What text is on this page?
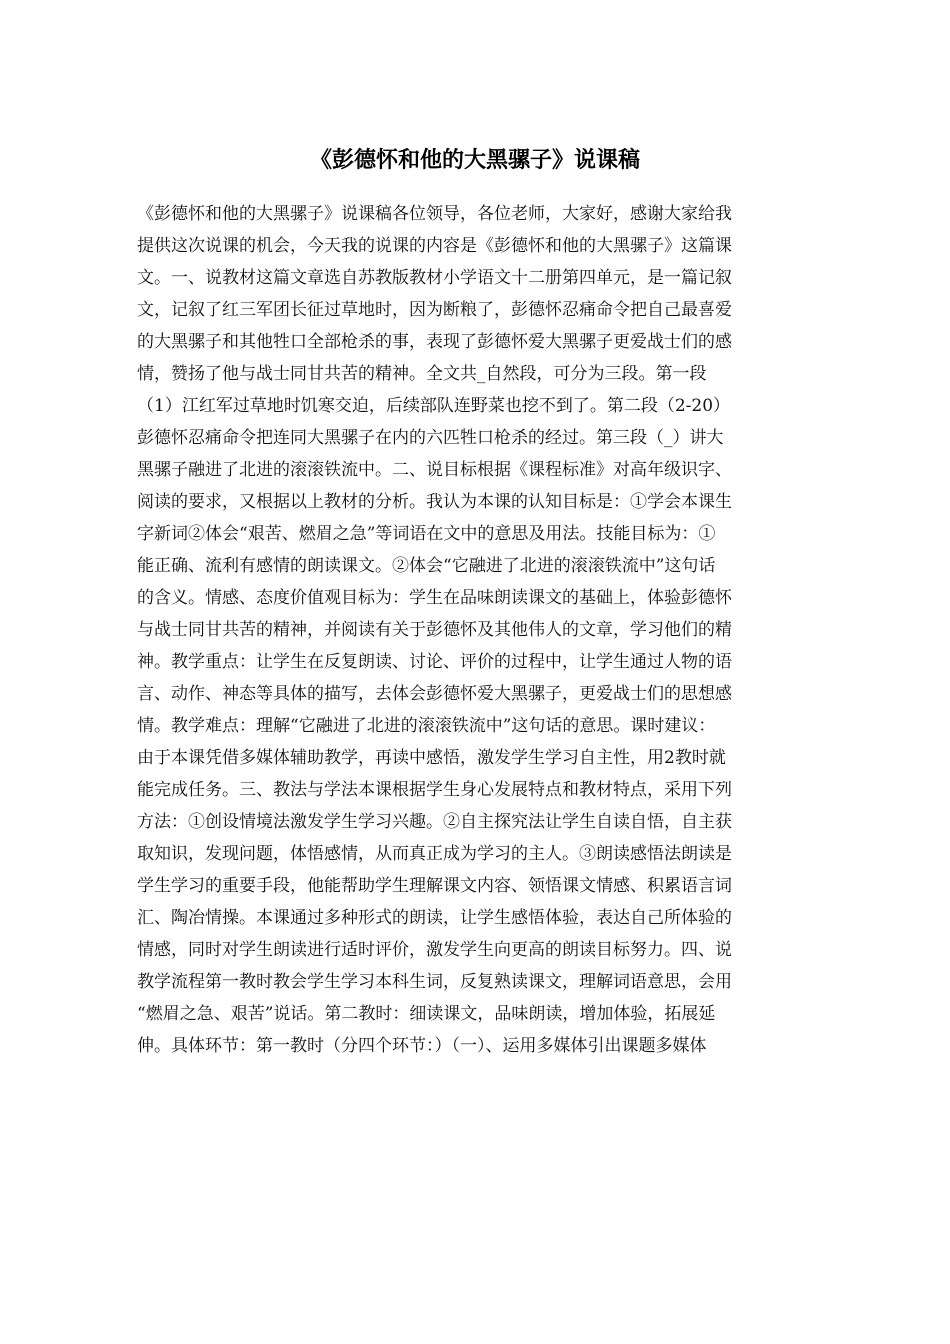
《彭德怀和他的大黑骡子》说课稿
《彭德怀和他的大黑骡子》说课稿各位领导，各位老师，大家好，感谢大家给我
提供这次说课的机会，今天我的说课的内容是《彭德怀和他的大黑骡子》这篇课
文。一、说教材这篇文章选自苏教版教材小学语文十二册第四单元，是一篇记叙
文，记叙了红三军团长征过草地时，因为断粮了，彭德怀忍痛命令把自己最喜爱
的大黑骡子和其他牲口全部枪杀的事，表现了彭德怀爱大黑骡子更爱战士们的感
情，赞扬了他与战士同甘共苦的精神。全文共_自然段，可分为三段。第一段
（1）江红军过草地时饥寒交迫，后续部队连野菜也挖不到了。第二段（2-20）
彭德怀忍痛命令把连同大黑骡子在内的六匹牲口枪杀的经过。第三段（_）讲大
黑骡子融进了北进的滚滚铁流中。二、说目标根据《课程标准》对高年级识字、
阅读的要求，又根据以上教材的分析。我认为本课的认知目标是：①学会本课生
字新词②体会“艰苦、燃眉之急”等词语在文中的意思及用法。技能目标为：①
能正确、流利有感情的朗读课文。②体会“它融进了北进的滚滚铁流中”这句话
的含义。情感、态度价值观目标为：学生在品味朗读课文的基础上，体验彭德怀
与战士同甘共苦的精神，并阅读有关于彭德怀及其他伟人的文章，学习他们的精
神。教学重点：让学生在反复朗读、讨论、评价的过程中，让学生通过人物的语
言、动作、神态等具体的描写，去体会彭德怀爱大黑骡子，更爱战士们的思想感
情。教学难点：理解“它融进了北进的滚滚铁流中”这句话的意思。课时建议：
由于本课凭借多媒体辅助教学，再读中感悟，激发学生学习自主性，用2教时就
能完成任务。三、教法与学法本课根据学生身心发展特点和教材特点，采用下列
方法：①创设情境法激发学生学习兴趣。②自主探究法让学生自读自悟，自主获
取知识，发现问题，体悟感情，从而真正成为学习的主人。③朗读感悟法朗读是
学生学习的重要手段，他能帮助学生理解课文内容、领悟课文情感、积累语言词
汇、陶冶情操。本课通过多种形式的朗读，让学生感悟体验，表达自己所体验的
情感，同时对学生朗读进行适时评价，激发学生向更高的朗读目标努力。四、说
教学流程第一教时教会学生学习本科生词，反复熟读课文，理解词语意思，会用
“燃眉之急、艰苦”说话。第二教时：细读课文，品味朗读，增加体验，拓展延
伸。具体环节：第一教时（分四个环节：）（一）、运用多媒体引出课题多媒体
